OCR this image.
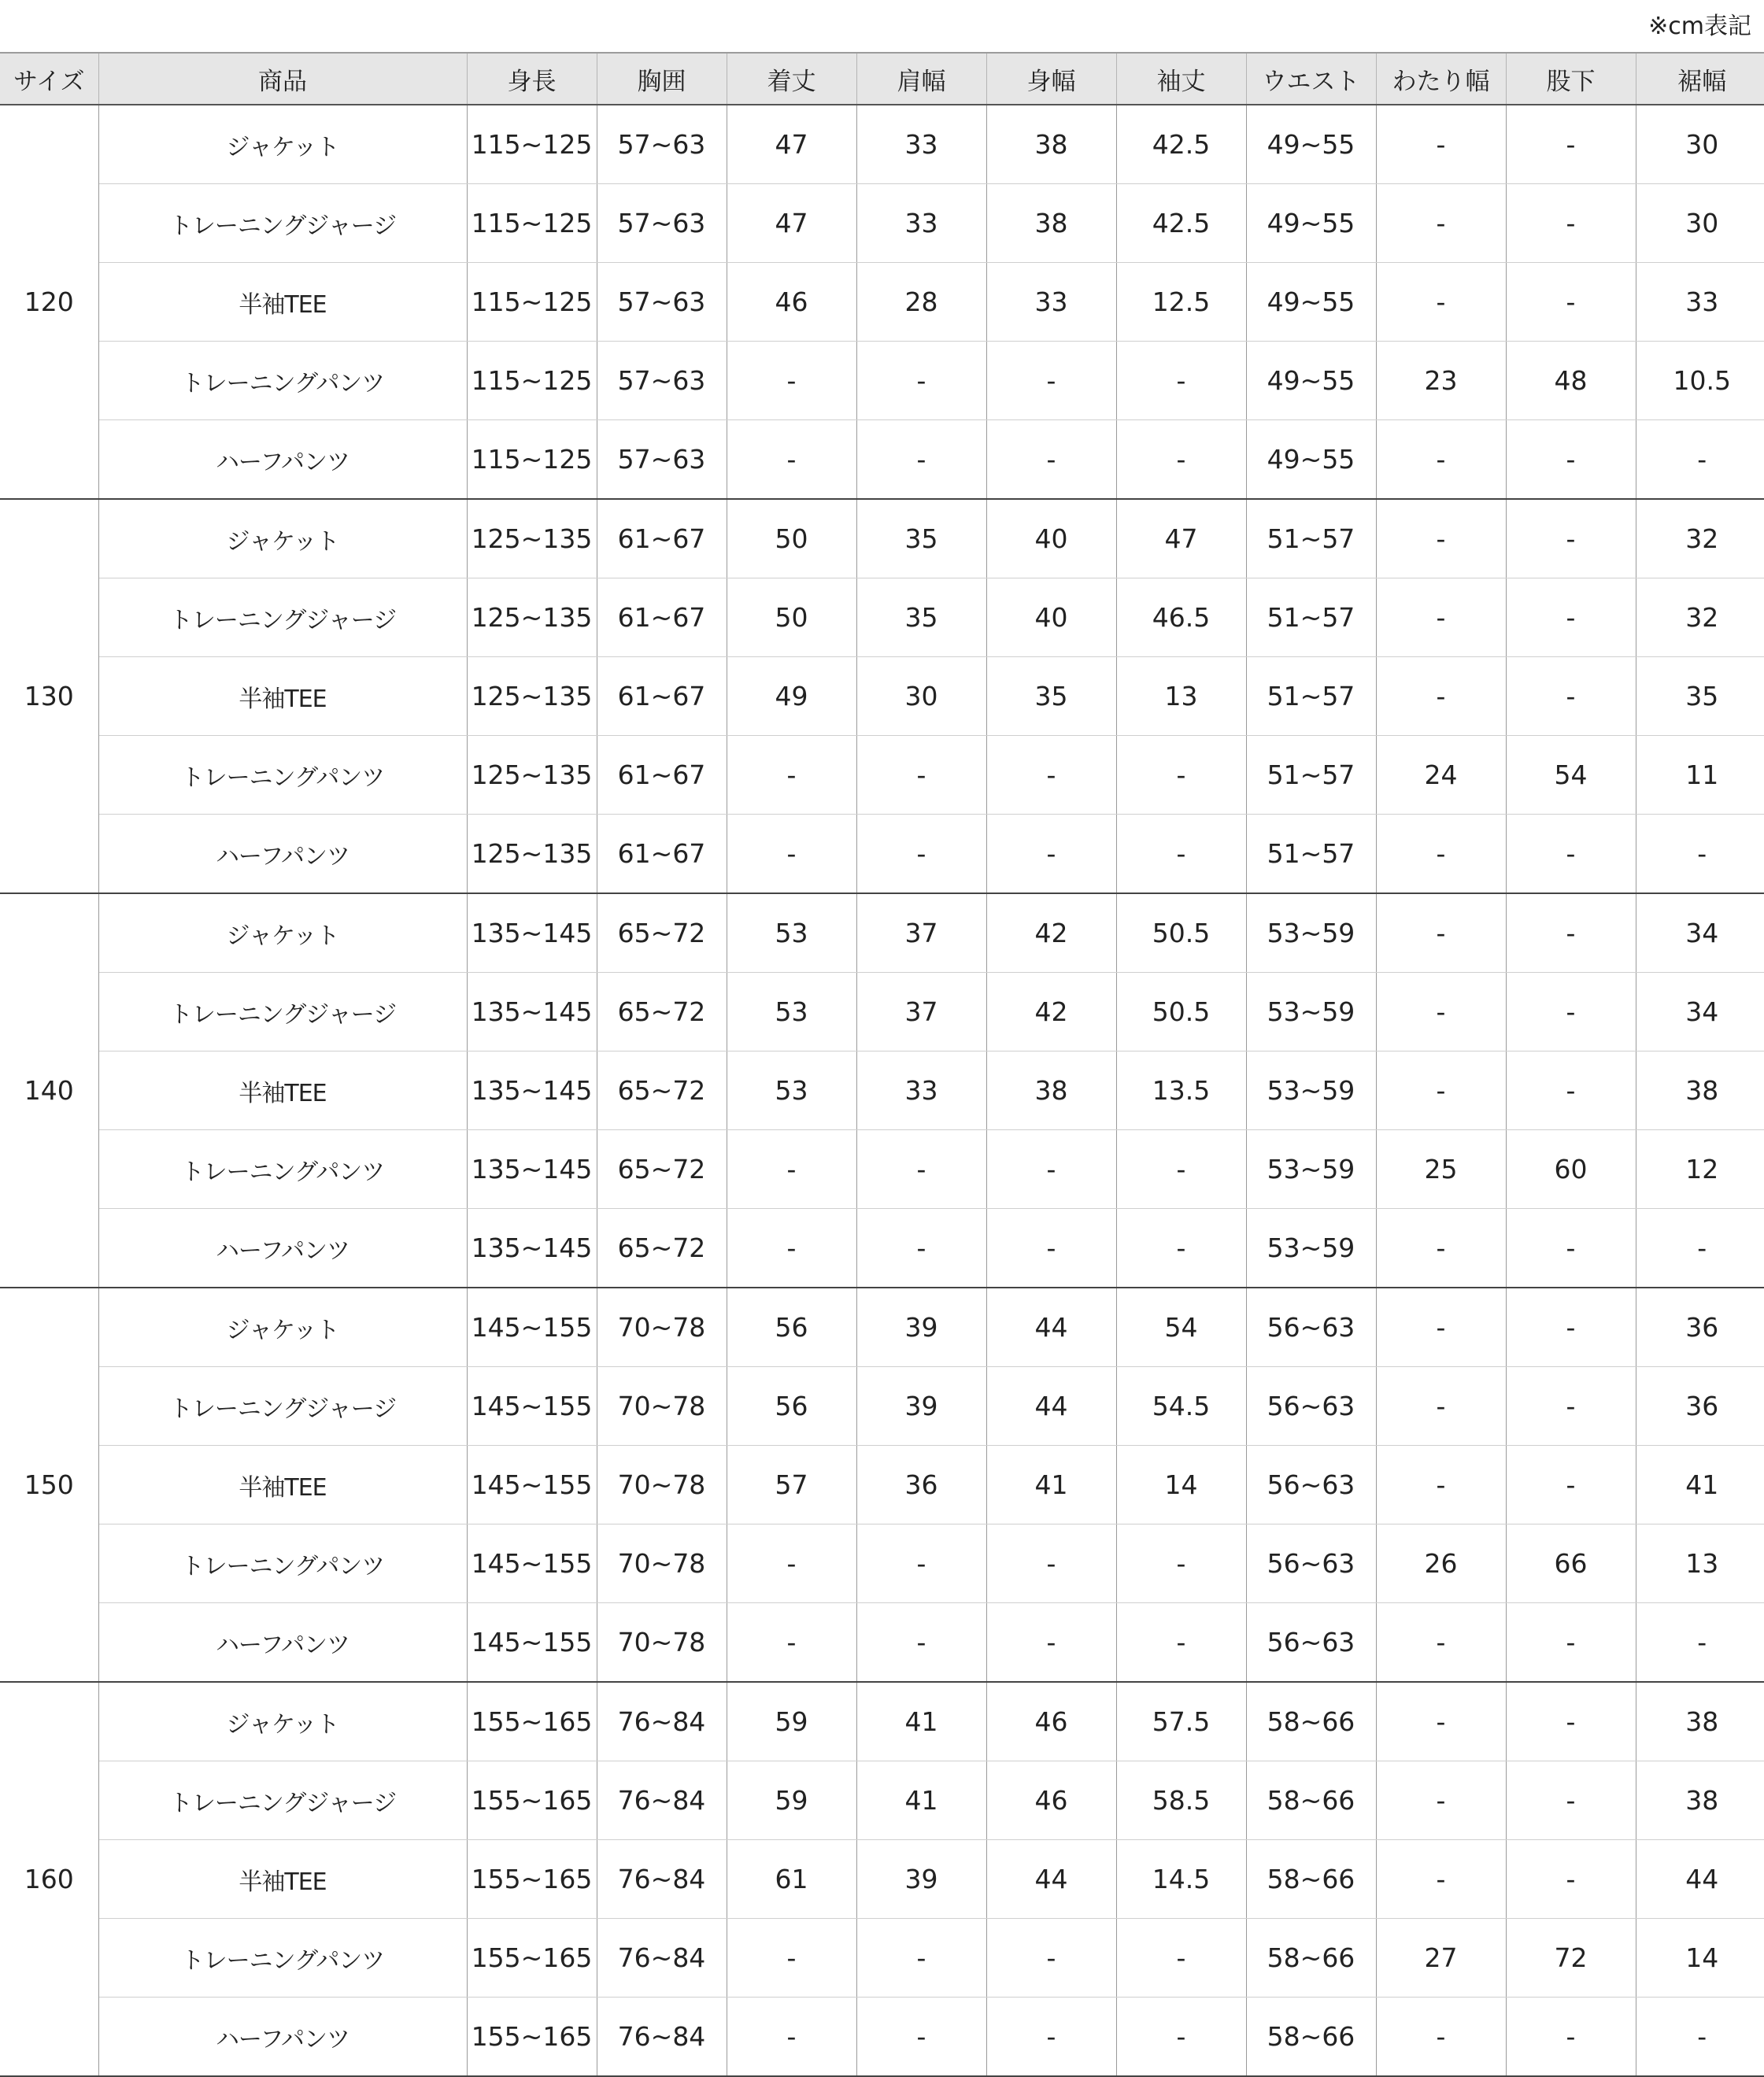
※cm表記
サイズ	商品	身長	胸囲	着丈	肩幅	身幅	袖丈	ウエスト	わたり幅	股下	裾幅
120	ジャケット	115~125	57~63	47	33	38	42.5	49~55	-	-	30
	トレーニングジャージ	115~125	57~63	47	33	38	42.5	49~55	-	-	30
	半袖TEE	115~125	57~63	46	28	33	12.5	49~55	-	-	33
	トレーニングパンツ	115~125	57~63	-	-	-	-	49~55	23	48	10.5
	ハーフパンツ	115~125	57~63	-	-	-	-	49~55	-	-	-
130	ジャケット	125~135	61~67	50	35	40	47	51~57	-	-	32
	トレーニングジャージ	125~135	61~67	50	35	40	46.5	51~57	-	-	32
	半袖TEE	125~135	61~67	49	30	35	13	51~57	-	-	35
	トレーニングパンツ	125~135	61~67	-	-	-	-	51~57	24	54	11
	ハーフパンツ	125~135	61~67	-	-	-	-	51~57	-	-	-
140	ジャケット	135~145	65~72	53	37	42	50.5	53~59	-	-	34
	トレーニングジャージ	135~145	65~72	53	37	42	50.5	53~59	-	-	34
	半袖TEE	135~145	65~72	53	33	38	13.5	53~59	-	-	38
	トレーニングパンツ	135~145	65~72	-	-	-	-	53~59	25	60	12
	ハーフパンツ	135~145	65~72	-	-	-	-	53~59	-	-	-
150	ジャケット	145~155	70~78	56	39	44	54	56~63	-	-	36
	トレーニングジャージ	145~155	70~78	56	39	44	54.5	56~63	-	-	36
	半袖TEE	145~155	70~78	57	36	41	14	56~63	-	-	41
	トレーニングパンツ	145~155	70~78	-	-	-	-	56~63	26	66	13
	ハーフパンツ	145~155	70~78	-	-	-	-	56~63	-	-	-
160	ジャケット	155~165	76~84	59	41	46	57.5	58~66	-	-	38
	トレーニングジャージ	155~165	76~84	59	41	46	58.5	58~66	-	-	38
	半袖TEE	155~165	76~84	61	39	44	14.5	58~66	-	-	44
	トレーニングパンツ	155~165	76~84	-	-	-	-	58~66	27	72	14
	ハーフパンツ	155~165	76~84	-	-	-	-	58~66	-	-	-
